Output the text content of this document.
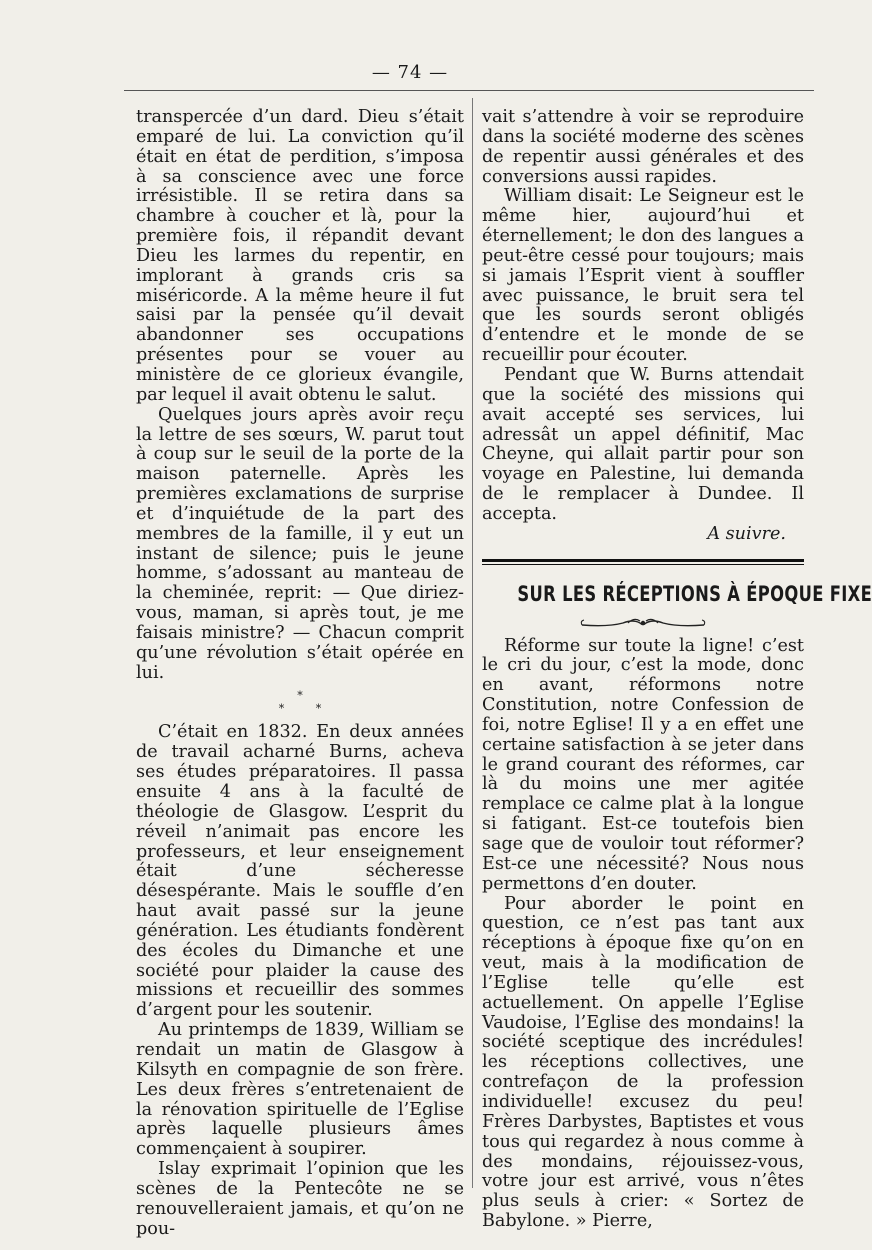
— 74 —

transpercée d’un dard. Dieu s’était emparé de lui. La conviction qu’il était en état de perdition, s’imposa à sa conscience avec une force irrésistible. Il se retira dans sa chambre à coucher et là, pour la première fois, il répandit devant Dieu les larmes du repentir, en implorant à grands cris sa miséricorde. A la même heure il fut saisi par la pensée qu’il devait abandonner ses occupations présentes pour se vouer au ministère de ce glorieux évangile, par lequel il avait obtenu le salut.

Quelques jours après avoir reçu la lettre de ses sœurs, W. parut tout à coup sur le seuil de la porte de la maison paternelle. Après les premières exclamations de surprise et d’inquiétude de la part des membres de la famille, il y eut un instant de silence; puis le jeune homme, s’adossant au manteau de la cheminée, reprit: — Que diriez-vous, maman, si après tout, je me faisais ministre? — Chacun comprit qu’une révolution s’était opérée en lui.

*
* *

C’était en 1832. En deux années de travail acharné Burns, acheva ses études préparatoires. Il passa ensuite 4 ans à la faculté de théologie de Glasgow. L’esprit du réveil n’animait pas encore les professeurs, et leur enseignement était d’une sécheresse désespérante. Mais le souffle d’en haut avait passé sur la jeune génération. Les étudiants fondèrent des écoles du Dimanche et une société pour plaider la cause des missions et recueillir des sommes d’argent pour les soutenir.

Au printemps de 1839, William se rendait un matin de Glasgow à Kilsyth en compagnie de son frère. Les deux frères s’entretenaient de la rénovation spirituelle de l’Eglise après laquelle plusieurs âmes commençaient à soupirer.

Islay exprimait l’opinion que les scènes de la Pentecôte ne se renouvelleraient jamais, et qu’on ne pou-

vait s’attendre à voir se reproduire dans la société moderne des scènes de repentir aussi générales et des conversions aussi rapides.

William disait: Le Seigneur est le même hier, aujourd’hui et éternellement; le don des langues a peut-être cessé pour toujours; mais si jamais l’Esprit vient à souffler avec puissance, le bruit sera tel que les sourds seront obligés d’entendre et le monde de se recueillir pour écouter.

Pendant que W. Burns attendait que la société des missions qui avait accepté ses services, lui adressât un appel définitif, Mac Cheyne, qui allait partir pour son voyage en Palestine, lui demanda de le remplacer à Dundee. Il accepta.

A suivre.

SUR LES RÉCEPTIONS À ÉPOQUE FIXE

Réforme sur toute la ligne! c’est le cri du jour, c’est la mode, donc en avant, réformons notre Constitution, notre Confession de foi, notre Eglise! Il y a en effet une certaine satisfaction à se jeter dans le grand courant des réformes, car là du moins une mer agitée remplace ce calme plat à la longue si fatigant. Est-ce toutefois bien sage que de vouloir tout réformer? Est-ce une nécessité? Nous nous permettons d’en douter.

Pour aborder le point en question, ce n’est pas tant aux réceptions à époque fixe qu’on en veut, mais à la modification de l’Eglise telle qu’elle est actuellement. On appelle l’Eglise Vaudoise, l’Eglise des mondains! la société sceptique des incrédules! les réceptions collectives, une contrefaçon de la profession individuelle! excusez du peu! Frères Darbystes, Baptistes et vous tous qui regardez à nous comme à des mondains, réjouissez-vous, votre jour est arrivé, vous n’êtes plus seuls à crier: « Sortez de Babylone. » Pierre,
